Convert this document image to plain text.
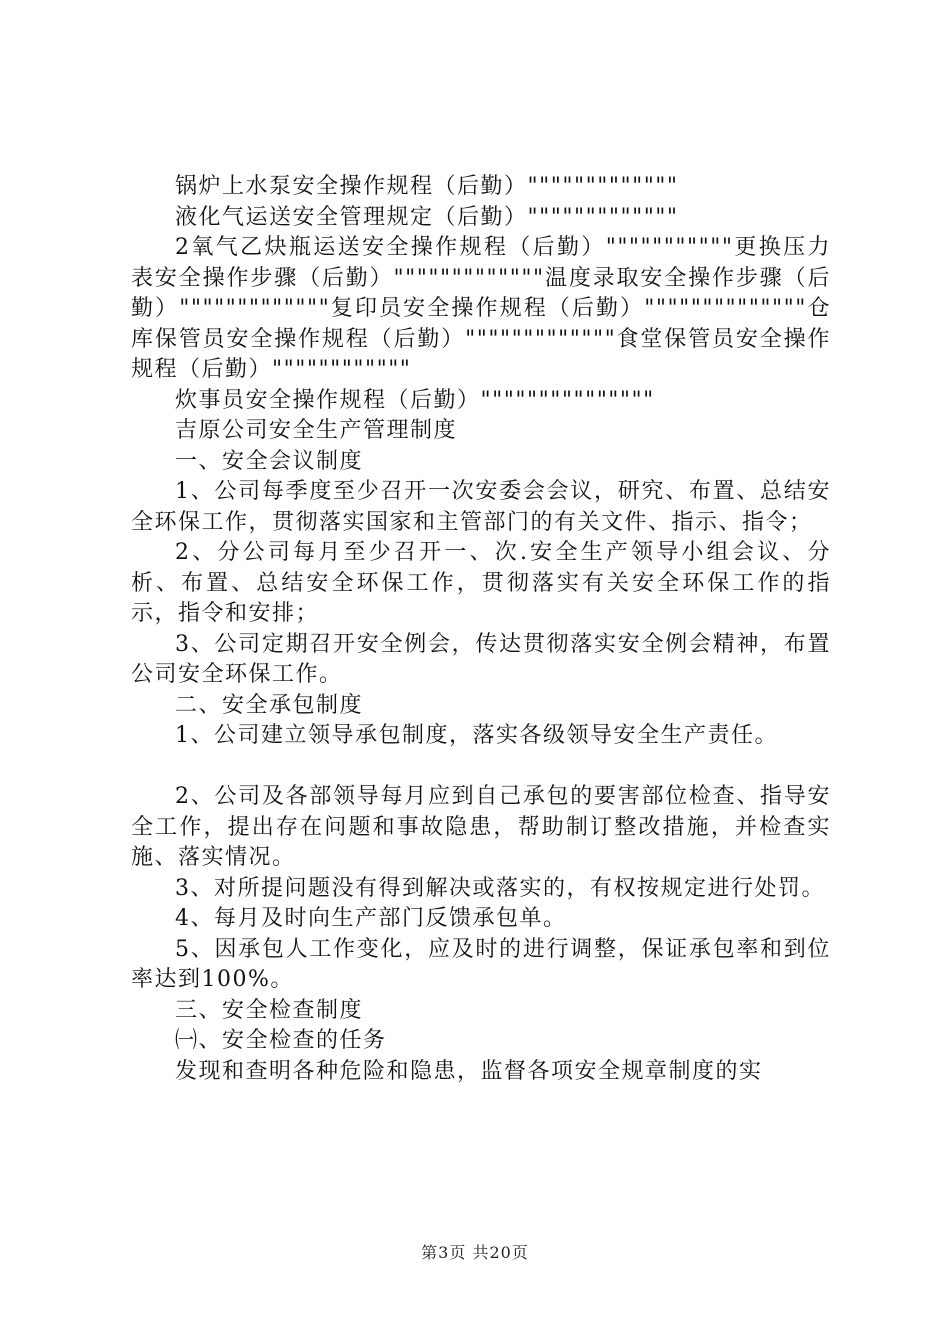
锅炉上水泵安全操作规程（后勤）"""""""""""""

液化气运送安全管理规定（后勤）"""""""""""""

2氧气乙炔瓶运送安全操作规程（后勤）"""""""""""更换压力表安全操作步骤（后勤）"""""""""""""温度录取安全操作步骤（后勤）"""""""""""""复印员安全操作规程（后勤）""""""""""""""仓库保管员安全操作规程（后勤）"""""""""""""食堂保管员安全操作规程（后勤）""""""""""""

炊事员安全操作规程（后勤）"""""""""""""""

吉原公司安全生产管理制度

一、安全会议制度

1、公司每季度至少召开一次安委会会议，研究、布置、总结安全环保工作，贯彻落实国家和主管部门的有关文件、指示、指令；

2、分公司每月至少召开一、次.安全生产领导小组会议、分析、布置、总结安全环保工作，贯彻落实有关安全环保工作的指示，指令和安排；

3、公司定期召开安全例会，传达贯彻落实安全例会精神，布置公司安全环保工作。

二、安全承包制度

1、公司建立领导承包制度，落实各级领导安全生产责任。

2、公司及各部领导每月应到自己承包的要害部位检查、指导安全工作，提出存在问题和事故隐患，帮助制订整改措施，并检查实施、落实情况。

3、对所提问题没有得到解决或落实的，有权按规定进行处罚。

4、每月及时向生产部门反馈承包单。

5、因承包人工作变化，应及时的进行调整，保证承包率和到位率达到100%。

三、安全检查制度

㈠、安全检查的任务

发现和查明各种危险和隐患，监督各项安全规章制度的实

第3页 共20页
